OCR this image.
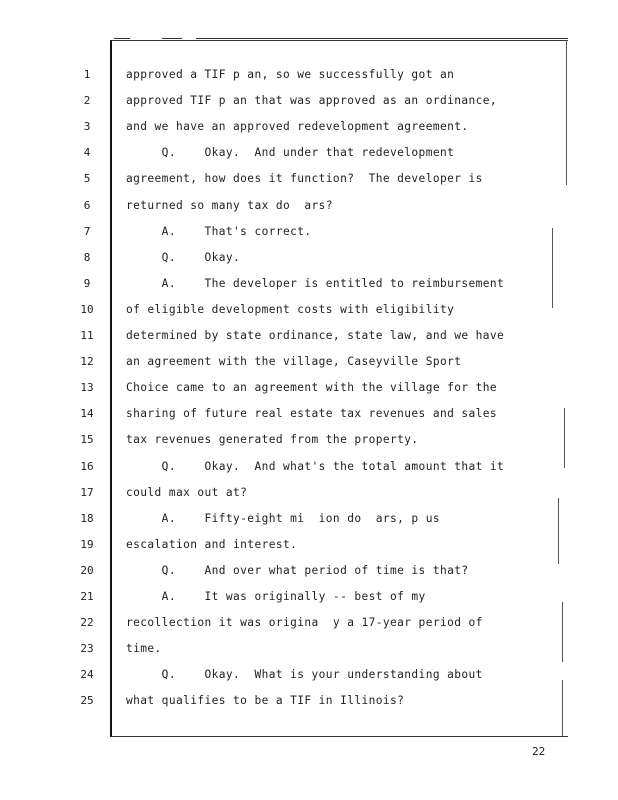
1	approved a TIF p an, so we successfully got an
2	approved TIF p an that was approved as an ordinance,
3	and we have an approved redevelopment agreement.
4	Q.    Okay.  And under that redevelopment
5	agreement, how does it function?  The developer is
6	returned so many tax do  ars?
7	A.    That's correct.
8	Q.    Okay.
9	A.    The developer is entitled to reimbursement
10	of eligible development costs with eligibility
11	determined by state ordinance, state law, and we have
12	an agreement with the village, Caseyville Sport
13	Choice came to an agreement with the village for the
14	sharing of future real estate tax revenues and sales
15	tax revenues generated from the property.
16	Q.    Okay.  And what's the total amount that it
17	could max out at?
18	A.    Fifty-eight mi  ion do  ars, p us
19	escalation and interest.
20	Q.    And over what period of time is that?
21	A.    It was originally -- best of my
22	recollection it was origina  y a 17-year period of
23	time.
24	Q.    Okay.  What is your understanding about
25	what qualifies to be a TIF in Illinois?
22
